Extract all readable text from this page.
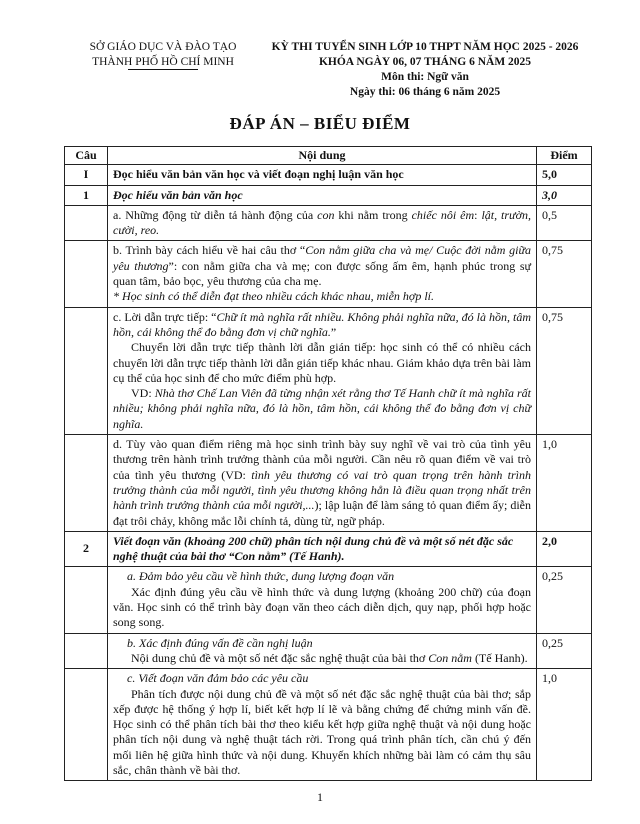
SỞ GIÁO DỤC VÀ ĐÀO TẠO
THÀNH PHỐ HỒ CHÍ MINH
KỲ THI TUYỂN SINH LỚP 10 THPT NĂM HỌC 2025 - 2026
KHÓA NGÀY 06, 07 THÁNG 6 NĂM 2025
Môn thi: Ngữ văn
Ngày thi: 06 tháng 6 năm 2025
ĐÁP ÁN – BIỂU ĐIỂM
Câu	Nội dung	Điểm
I	Đọc hiểu văn bản văn học và viết đoạn nghị luận văn học	5,0
1	Đọc hiểu văn bản văn học	3,0

	a. Những động từ diễn tả hành động của con khi nằm trong chiếc nôi êm: lật, trườn, cười, reo.	0,5

	b. Trình bày cách hiểu về hai câu thơ “Con nằm giữa cha và mẹ/ Cuộc đời nằm giữa yêu thương”: con nằm giữa cha và mẹ; con được sống ấm êm, hạnh phúc trong sự quan tâm, bảo bọc, yêu thương của cha mẹ.

* Học sinh có thể diễn đạt theo nhiều cách khác nhau, miễn hợp lí.	0,75

	c. Lời dẫn trực tiếp: “Chữ ít mà nghĩa rất nhiều. Không phải nghĩa nữa, đó là hồn, tâm hồn, cái không thể đo bằng đơn vị chữ nghĩa.”

Chuyển lời dẫn trực tiếp thành lời dẫn gián tiếp: học sinh có thể có nhiều cách chuyển lời dẫn trực tiếp thành lời dẫn gián tiếp khác nhau. Giám khảo dựa trên bài làm cụ thể của học sinh để cho mức điểm phù hợp.

VD: Nhà thơ Chế Lan Viên đã từng nhận xét rằng thơ Tế Hanh chữ ít mà nghĩa rất nhiều; không phải nghĩa nữa, đó là hồn, tâm hồn, cái không thể đo bằng đơn vị chữ nghĩa.	0,75

	d. Tùy vào quan điểm riêng mà học sinh trình bày suy nghĩ về vai trò của tình yêu thương trên hành trình trưởng thành của mỗi người. Cần nêu rõ quan điểm về vai trò của tình yêu thương (VD: tình yêu thương có vai trò quan trọng trên hành trình trưởng thành của mỗi người, tình yêu thương không hẳn là điều quan trọng nhất trên hành trình trưởng thành của mỗi người,...); lập luận để làm sáng tỏ quan điểm ấy; diễn đạt trôi chảy, không mắc lỗi chính tả, dùng từ, ngữ pháp.	1,0
2	Viết đoạn văn (khoảng 200 chữ) phân tích nội dung chủ đề và một số nét đặc sắc nghệ thuật của bài thơ “Con nằm” (Tế Hanh).	2,0

	a. Đảm bảo yêu cầu về hình thức, dung lượng đoạn văn

Xác định đúng yêu cầu về hình thức và dung lượng (khoảng 200 chữ) của đoạn văn. Học sinh có thể trình bày đoạn văn theo cách diễn dịch, quy nạp, phối hợp hoặc song song.	0,25

	b. Xác định đúng vấn đề cần nghị luận

Nội dung chủ đề và một số nét đặc sắc nghệ thuật của bài thơ Con nằm (Tế Hanh).	0,25

	c. Viết đoạn văn đảm bảo các yêu cầu

Phân tích được nội dung chủ đề và một số nét đặc sắc nghệ thuật của bài thơ; sắp xếp được hệ thống ý hợp lí, biết kết hợp lí lẽ và bằng chứng để chứng minh vấn đề. Học sinh có thể phân tích bài thơ theo kiểu kết hợp giữa nghệ thuật và nội dung hoặc phân tích nội dung và nghệ thuật tách rời. Trong quá trình phân tích, cần chú ý đến mối liên hệ giữa hình thức và nội dung. Khuyến khích những bài làm có cảm thụ sâu sắc, chân thành về bài thơ.	1,0
1
